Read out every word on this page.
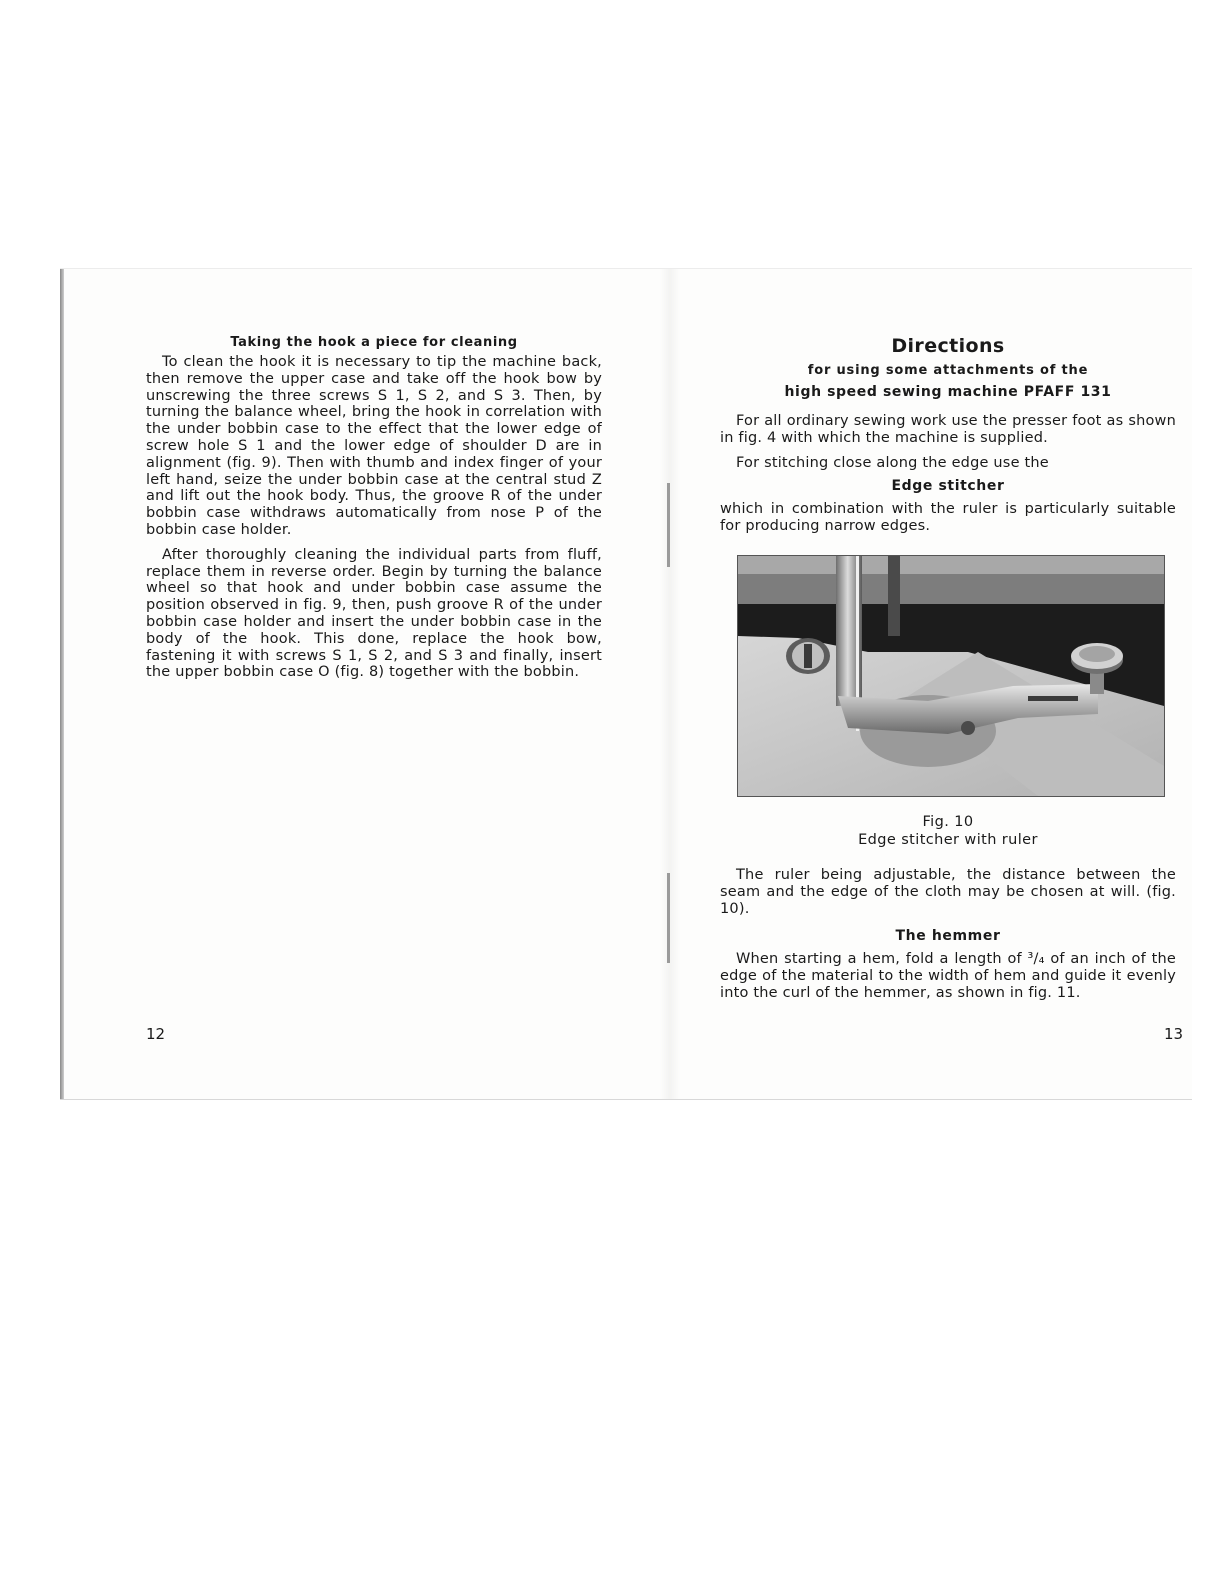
Taking the hook a piece for cleaning

To clean the hook it is necessary to tip the machine back, then remove the upper case and take off the hook bow by unscrewing the three screws S 1, S 2, and S 3. Then, by turning the balance wheel, bring the hook in correlation with the under bobbin case to the effect that the lower edge of screw hole S 1 and the lower edge of shoulder D are in alignment (fig. 9). Then with thumb and index finger of your left hand, seize the under bobbin case at the central stud Z and lift out the hook body. Thus, the groove R of the under bobbin case withdraws automatically from nose P of the bobbin case holder.

After thoroughly cleaning the individual parts from fluff, replace them in reverse order. Begin by turning the balance wheel so that hook and under bobbin case assume the position observed in fig. 9, then, push groove R of the under bobbin case holder and insert the under bobbin case in the body of the hook. This done, replace the hook bow, fastening it with screws S 1, S 2, and S 3 and finally, insert the upper bobbin case O (fig. 8) together with the bobbin.

12
Directions
for using some attachments of the
high speed sewing machine PFAFF 131

For all ordinary sewing work use the presser foot as shown in fig. 4 with which the machine is supplied.

For stitching close along the edge use the

Edge stitcher

which in combination with the ruler is particularly suitable for producing narrow edges.

Fig. 10
Edge stitcher with ruler

The ruler being adjustable, the distance between the seam and the edge of the cloth may be chosen at will. (fig. 10).

The hemmer

When starting a hem, fold a length of ³/₄ of an inch of the edge of the material to the width of hem and guide it evenly into the curl of the hemmer, as shown in fig. 11.

13
